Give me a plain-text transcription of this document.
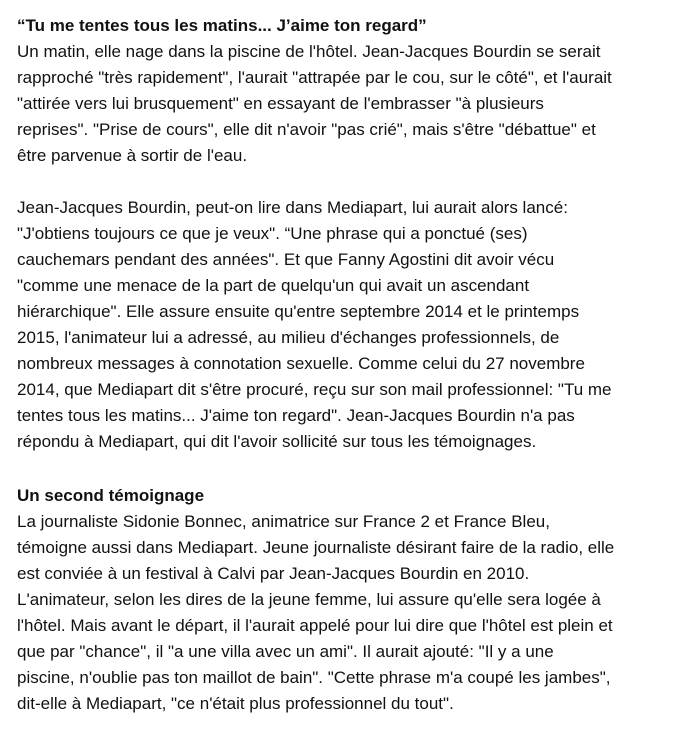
“Tu me tentes tous les matins... J’aime ton regard”

Un matin, elle nage dans la piscine de l'hôtel. Jean-Jacques Bourdin se serait
rapproché "très rapidement", l'aurait "attrapée par le cou, sur le côté", et l'aurait
"attirée vers lui brusquement" en essayant de l'embrasser "à plusieurs
reprises". "Prise de cours", elle dit n'avoir "pas crié", mais s'être "débattue" et
être parvenue à sortir de l'eau.

Jean-Jacques Bourdin, peut-on lire dans Mediapart, lui aurait alors lancé:
"J'obtiens toujours ce que je veux". “Une phrase qui a ponctué (ses)
cauchemars pendant des années". Et que Fanny Agostini dit avoir vécu
"comme une menace de la part de quelqu'un qui avait un ascendant
hiérarchique". Elle assure ensuite qu'entre septembre 2014 et le printemps
2015, l'animateur lui a adressé, au milieu d'échanges professionnels, de
nombreux messages à connotation sexuelle. Comme celui du 27 novembre
2014, que Mediapart dit s'être procuré, reçu sur son mail professionnel: "Tu me
tentes tous les matins... J'aime ton regard". Jean-Jacques Bourdin n'a pas
répondu à Mediapart, qui dit l'avoir sollicité sur tous les témoignages.

Un second témoignage

La journaliste Sidonie Bonnec, animatrice sur France 2 et France Bleu,
témoigne aussi dans Mediapart. Jeune journaliste désirant faire de la radio, elle
est conviée à un festival à Calvi par Jean-Jacques Bourdin en 2010.
L'animateur, selon les dires de la jeune femme, lui assure qu'elle sera logée à
l'hôtel. Mais avant le départ, il l'aurait appelé pour lui dire que l'hôtel est plein et
que par "chance", il "a une villa avec un ami". Il aurait ajouté: "Il y a une
piscine, n'oublie pas ton maillot de bain". "Cette phrase m'a coupé les jambes",
dit-elle à Mediapart, "ce n'était plus professionnel du tout".
